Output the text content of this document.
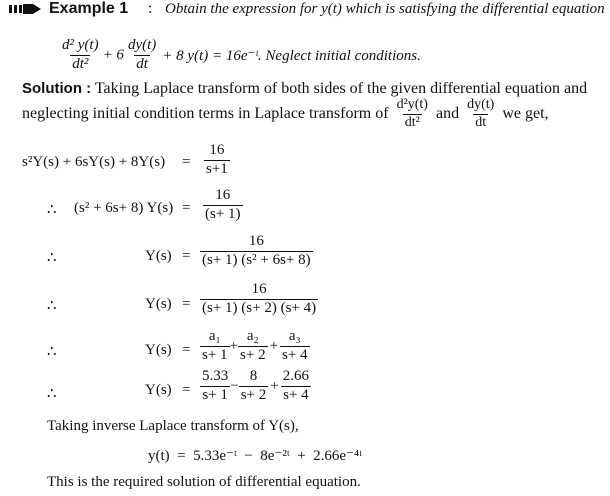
Example 1 : Obtain the expression for y(t) which is satisfying the differential equation
$\frac{\text{d² y(t)}}{\text{dt²}} + 6 \frac{dy(t)}{dt} + 8$ y(t) = 16e⁻ᵗ. Neglect initial conditions.
Solution : Taking Laplace transform of both sides of the given differential equation and
neglecting initial condition terms in Laplace transform of $\frac{\text{d²y(t)}}{\text{dt²}}$ and $\frac{dy(t)}{dt}$ we get,
$s^2Y(s) + 6sY(s) + 8Y(s) = \frac{16}{s+1}$
∴ (s² + 6s+ 8) $Y(s) = \frac{16}{(s+ 1)}$
∴	$Y(s) = \frac{16}{\text{(s+ 1) (s² + 6s+ 8)}}$
∴	$Y(s) = \frac{16}{(s+ 1) (s+ 2) (s+ 4)}$
∴	$Y(s) = \frac{\text{a₁}}{s+ 1} + \frac{\text{a₂}}{s+ 2} + \frac{\text{a₃}}{s+ 4}$
∴	$Y(s) = \frac{5.33}{s+ 1} - \frac{8}{s+ 2} + \frac{2.66}{s+ 4}$
Taking inverse Laplace transform of Y(s),
y(t)  =  5.33e⁻ᵗ  −  8e⁻²ᵗ  +  2.66e⁻⁴ᵗ
This is the required solution of differential equation.
